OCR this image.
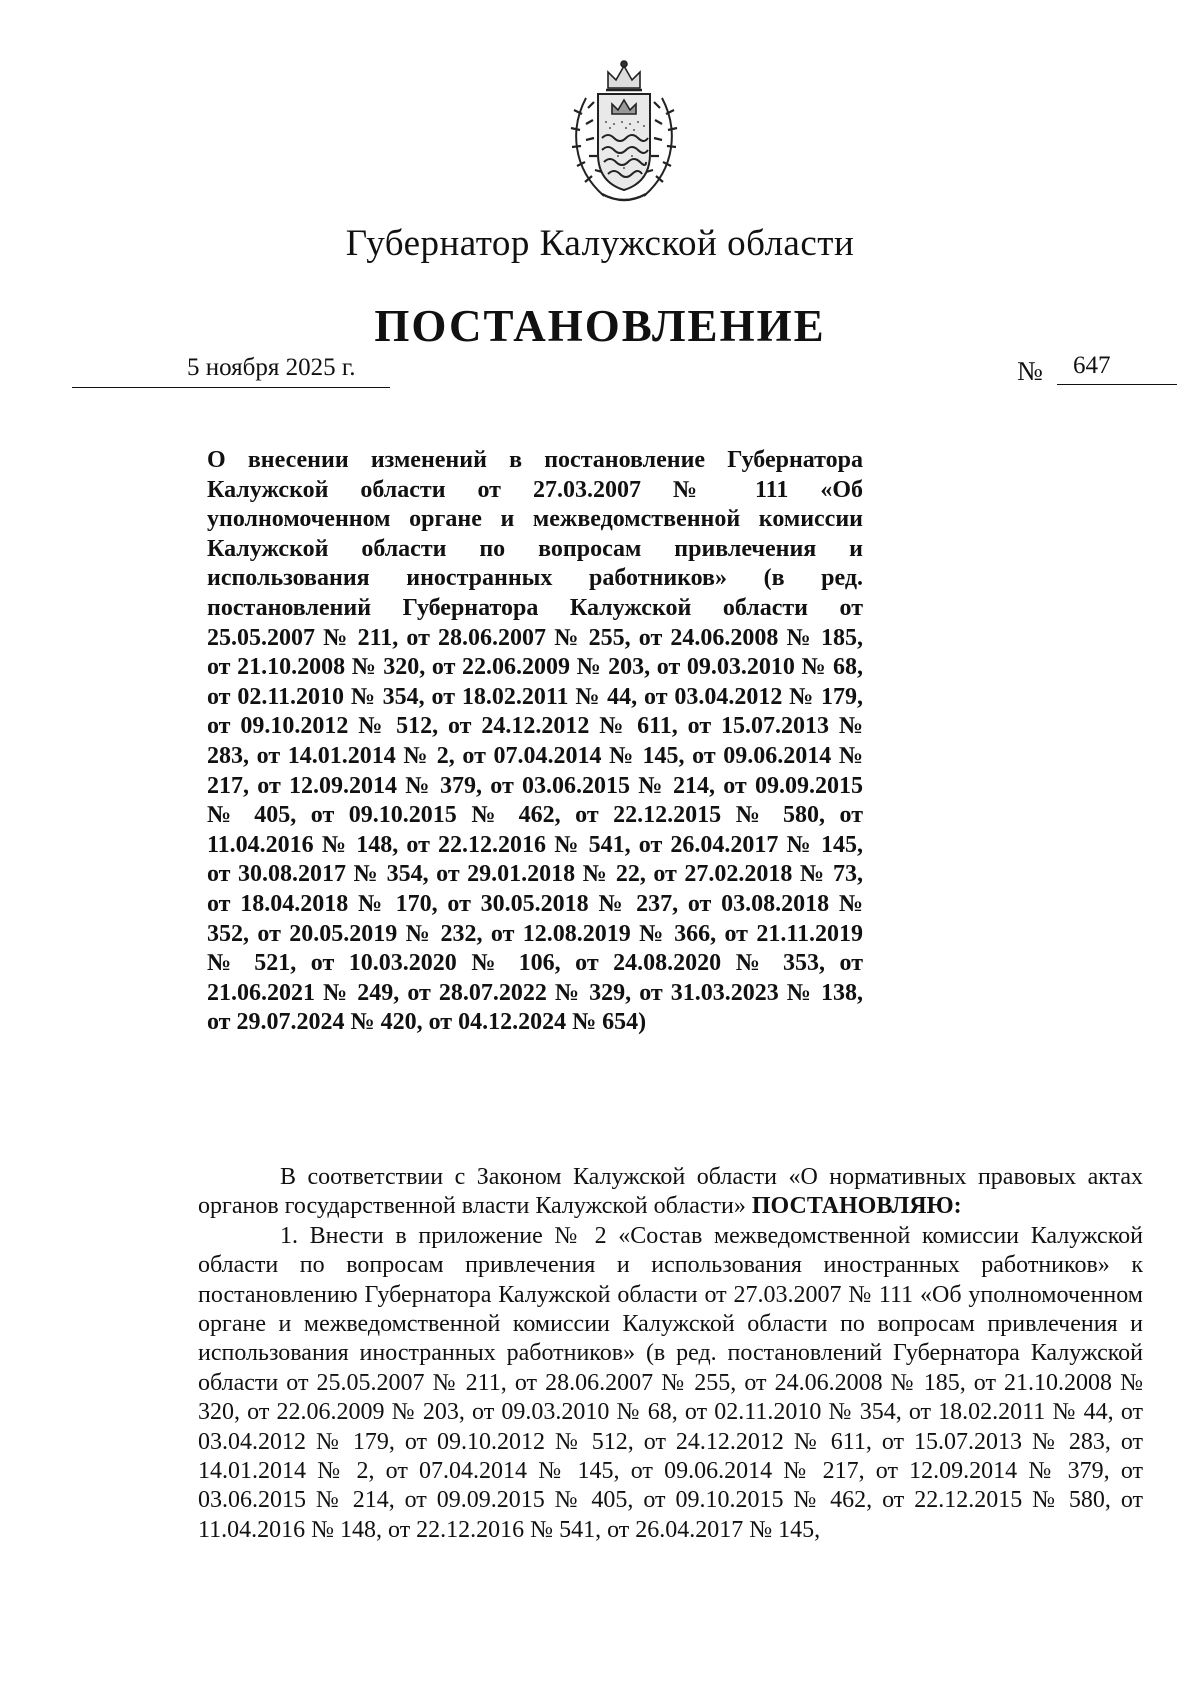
Губернатор Калужской области
ПОСТАНОВЛЕНИЕ
5 ноября 2025 г.	№ 647
О внесении изменений в постановление Губернатора Калужской области от 27.03.2007 № 111 «Об уполномоченном органе и межведомственной комиссии Калужской области по вопросам привлечения и использования иностранных работников» (в ред. постановлений Губернатора Калужской области от 25.05.2007 № 211, от 28.06.2007 № 255, от 24.06.2008 № 185, от 21.10.2008 № 320, от 22.06.2009 № 203, от 09.03.2010 № 68, от 02.11.2010 № 354, от 18.02.2011 № 44, от 03.04.2012 № 179, от 09.10.2012 № 512, от 24.12.2012 № 611, от 15.07.2013 № 283, от 14.01.2014 № 2, от 07.04.2014 № 145, от 09.06.2014 № 217, от 12.09.2014 № 379, от 03.06.2015 № 214, от 09.09.2015 № 405, от 09.10.2015 № 462, от 22.12.2015 № 580, от 11.04.2016 № 148, от 22.12.2016 № 541, от 26.04.2017 № 145, от 30.08.2017 № 354, от 29.01.2018 № 22, от 27.02.2018 № 73, от 18.04.2018 № 170, от 30.05.2018 № 237, от 03.08.2018 № 352, от 20.05.2019 № 232, от 12.08.2019 № 366, от 21.11.2019 № 521, от 10.03.2020 № 106, от 24.08.2020 № 353, от 21.06.2021 № 249, от 28.07.2022 № 329, от 31.03.2023 № 138, от 29.07.2024 № 420, от 04.12.2024 № 654)

В соответствии с Законом Калужской области «О нормативных правовых актах органов государственной власти Калужской области» ПОСТАНОВЛЯЮ:

1. Внести в приложение № 2 «Состав межведомственной комиссии Калужской области по вопросам привлечения и использования иностранных работников» к постановлению Губернатора Калужской области от 27.03.2007 № 111 «Об уполномоченном органе и межведомственной комиссии Калужской области по вопросам привлечения и использования иностранных работников» (в ред. постановлений Губернатора Калужской области от 25.05.2007 № 211, от 28.06.2007 № 255, от 24.06.2008 № 185, от 21.10.2008 № 320, от 22.06.2009 № 203, от 09.03.2010 № 68, от 02.11.2010 № 354, от 18.02.2011 № 44, от 03.04.2012 № 179, от 09.10.2012 № 512, от 24.12.2012 № 611, от 15.07.2013 № 283, от 14.01.2014 № 2, от 07.04.2014 № 145, от 09.06.2014 № 217, от 12.09.2014 № 379, от 03.06.2015 № 214, от 09.09.2015 № 405, от 09.10.2015 № 462, от 22.12.2015 № 580, от 11.04.2016 № 148, от 22.12.2016 № 541, от 26.04.2017 № 145,
